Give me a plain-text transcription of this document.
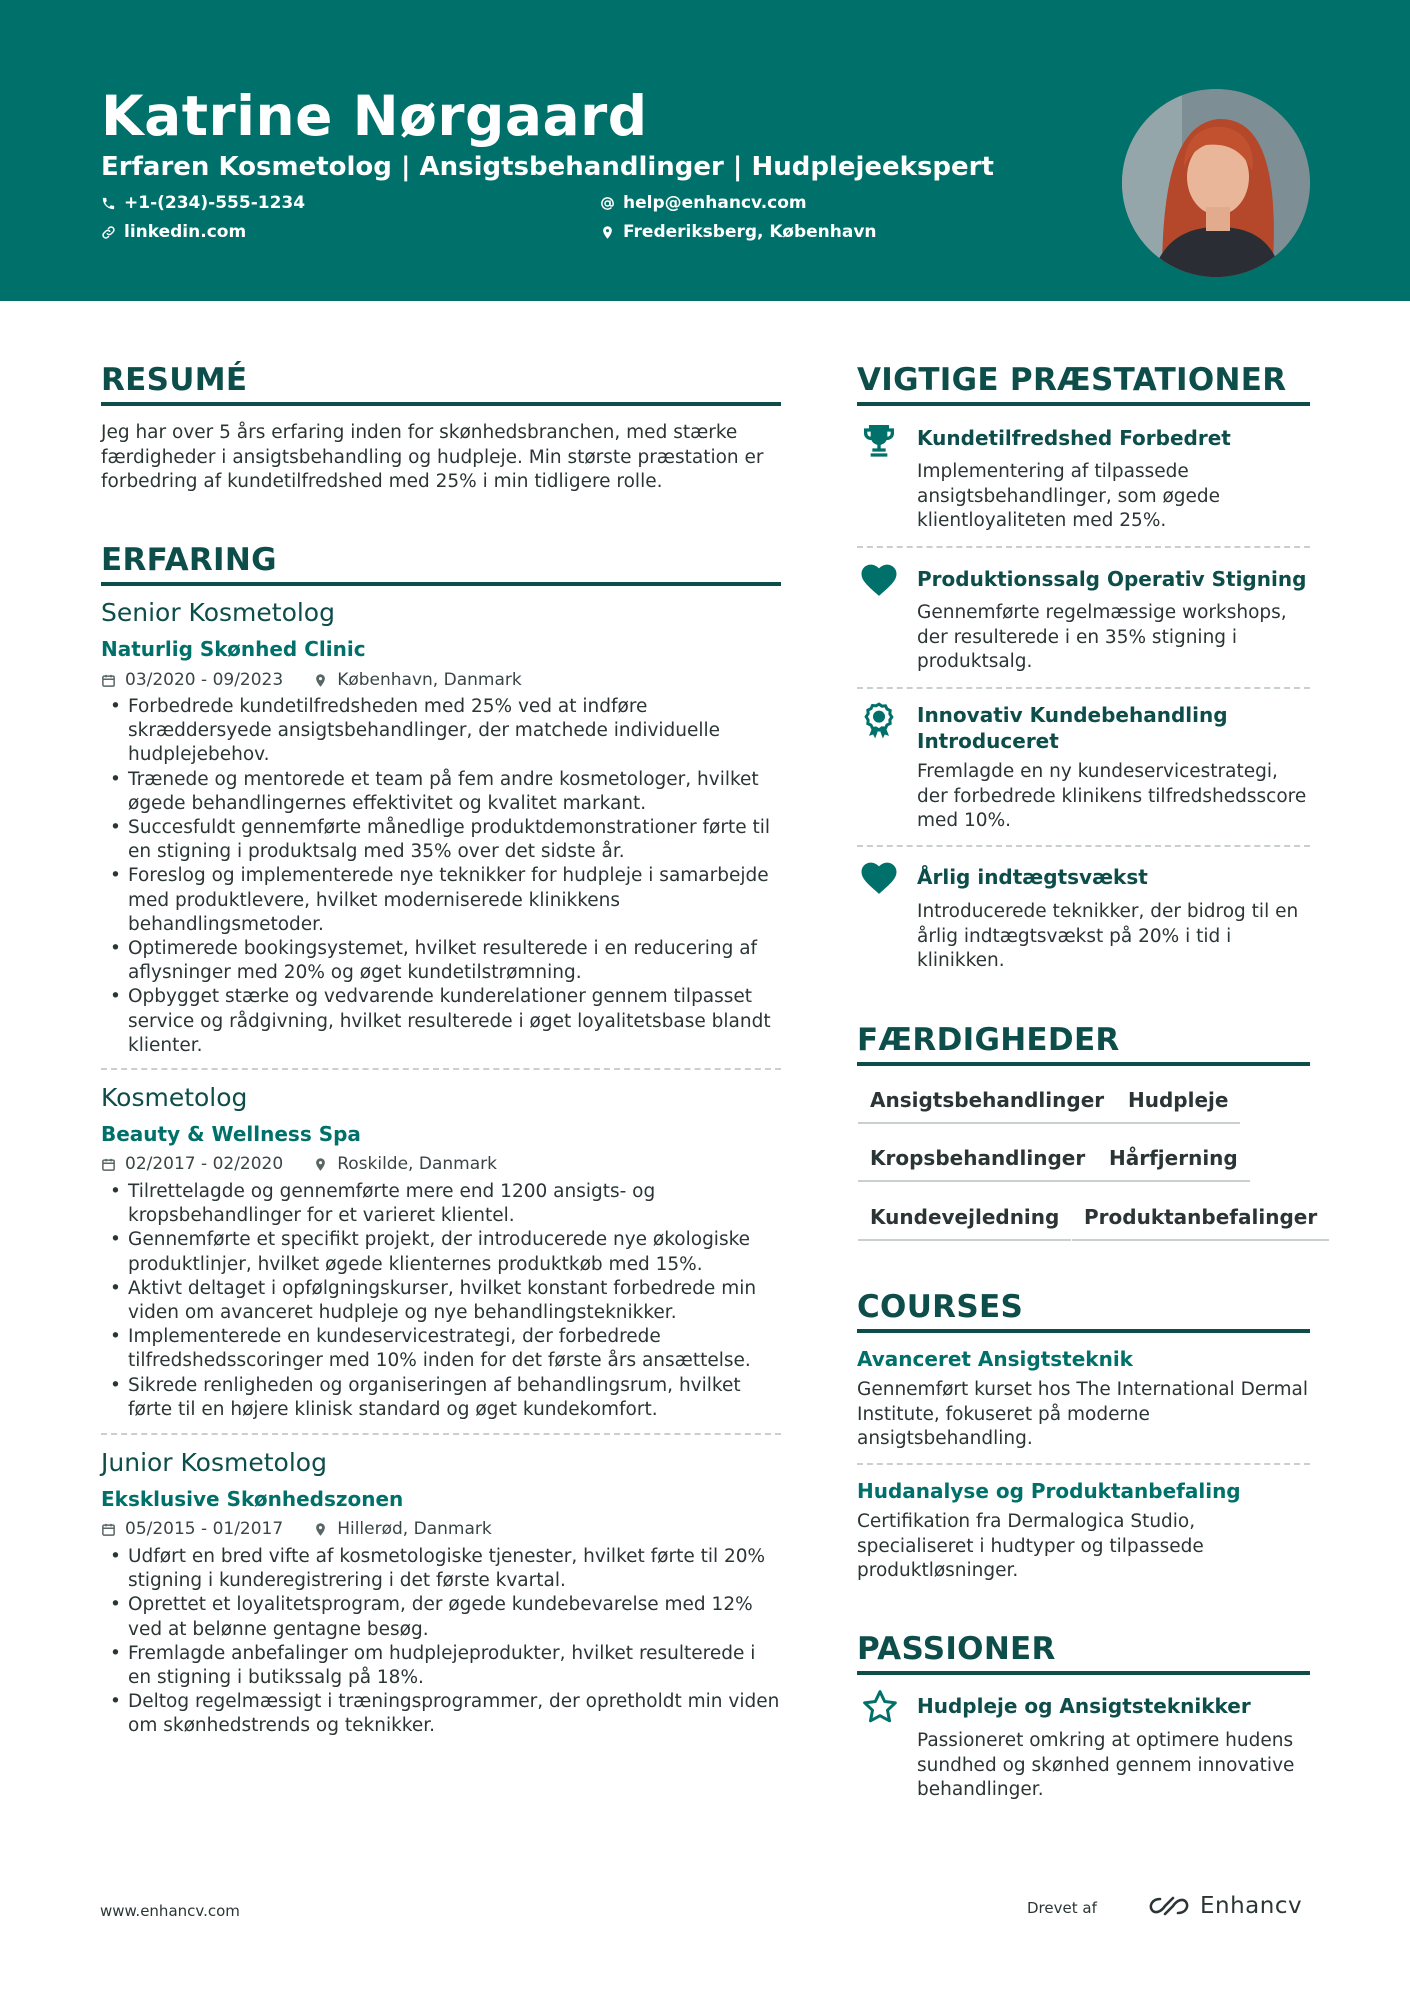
Katrine Nørgaard
Erfaren Kosmetolog | Ansigtsbehandlinger | Hudplejeekspert
+1-(234)-555-1234	help@enhancv.com
linkedin.com	Frederiksberg, København
RESUMÉ
Jeg har over 5 års erfaring inden for skønhedsbranchen, med stærke færdigheder i ansigtsbehandling og hudpleje. Min største præstation er forbedring af kundetilfredshed med 25% i min tidligere rolle.
ERFARING
Senior Kosmetolog
Naturlig Skønhed Clinic
03/2020 - 09/2023	København, Danmark
• Forbedrede kundetilfredsheden med 25% ved at indføre skræddersyede ansigtsbehandlinger, der matchede individuelle hudplejebehov.
• Trænede og mentorede et team på fem andre kosmetologer, hvilket øgede behandlingernes effektivitet og kvalitet markant.
• Succesfuldt gennemførte månedlige produktdemonstrationer førte til en stigning i produktsalg med 35% over det sidste år.
• Foreslog og implementerede nye teknikker for hudpleje i samarbejde med produktlevere, hvilket moderniserede klinikkens behandlingsmetoder.
• Optimerede bookingsystemet, hvilket resulterede i en reducering af aflysninger med 20% og øget kundetilstrømning.
• Opbygget stærke og vedvarende kunderelationer gennem tilpasset service og rådgivning, hvilket resulterede i øget loyalitetsbase blandt klienter.
Kosmetolog
Beauty & Wellness Spa
02/2017 - 02/2020	Roskilde, Danmark
• Tilrettelagde og gennemførte mere end 1200 ansigts- og kropsbehandlinger for et varieret klientel.
• Gennemførte et specifikt projekt, der introducerede nye økologiske produktlinjer, hvilket øgede klienternes produktkøb med 15%.
• Aktivt deltaget i opfølgningskurser, hvilket konstant forbedrede min viden om avanceret hudpleje og nye behandlingsteknikker.
• Implementerede en kundeservicestrategi, der forbedrede tilfredshedsscoringer med 10% inden for det første års ansættelse.
• Sikrede renligheden og organiseringen af behandlingsrum, hvilket førte til en højere klinisk standard og øget kundekomfort.
Junior Kosmetolog
Eksklusive Skønhedszonen
05/2015 - 01/2017	Hillerød, Danmark
• Udført en bred vifte af kosmetologiske tjenester, hvilket førte til 20% stigning i kunderegistrering i det første kvartal.
• Oprettet et loyalitetsprogram, der øgede kundebevarelse med 12% ved at belønne gentagne besøg.
• Fremlagde anbefalinger om hudplejeprodukter, hvilket resulterede i en stigning i butikssalg på 18%.
• Deltog regelmæssigt i træningsprogrammer, der opretholdt min viden om skønhedstrends og teknikker.
VIGTIGE PRÆSTATIONER
Kundetilfredshed Forbedret
Implementering af tilpassede ansigtsbehandlinger, som øgede klientloyaliteten med 25%.
Produktionssalg Operativ Stigning
Gennemførte regelmæssige workshops, der resulterede i en 35% stigning i produktsalg.
Innovativ Kundebehandling Introduceret
Fremlagde en ny kundeservicestrategi, der forbedrede klinikens tilfredshedsscore med 10%.
Årlig indtægtsvækst
Introducerede teknikker, der bidrog til en årlig indtægtsvækst på 20% i tid i klinikken.
FÆRDIGHEDER
Ansigtsbehandlinger	Hudpleje
Kropsbehandlinger	Hårfjerning
Kundevejledning	Produktanbefalinger
COURSES
Avanceret Ansigtsteknik
Gennemført kurset hos The International Dermal Institute, fokuseret på moderne ansigtsbehandling.
Hudanalyse og Produktanbefaling
Certifikation fra Dermalogica Studio, specialiseret i hudtyper og tilpassede produktløsninger.
PASSIONER
Hudpleje og Ansigtsteknikker
Passioneret omkring at optimere hudens sundhed og skønhed gennem innovative behandlinger.
www.enhancv.com	Drevet af	Enhancv
